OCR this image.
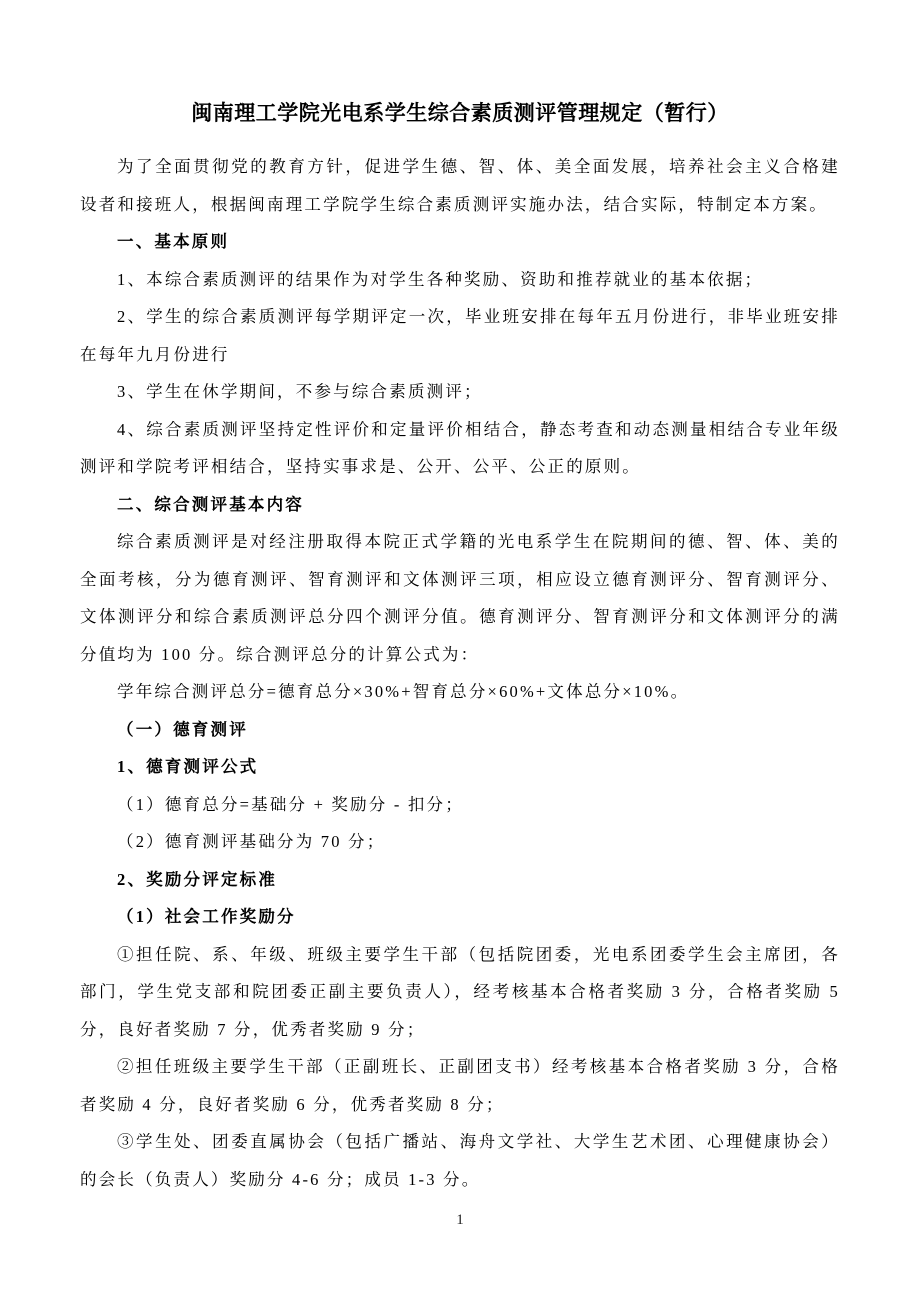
闽南理工学院光电系学生综合素质测评管理规定（暂行）
为了全面贯彻党的教育方针，促进学生德、智、体、美全面发展，培养社会主义合格建设者和接班人，根据闽南理工学院学生综合素质测评实施办法，结合实际，特制定本方案。
一、基本原则
1、本综合素质测评的结果作为对学生各种奖励、资助和推荐就业的基本依据；
2、学生的综合素质测评每学期评定一次，毕业班安排在每年五月份进行，非毕业班安排在每年九月份进行
3、学生在休学期间，不参与综合素质测评；
4、综合素质测评坚持定性评价和定量评价相结合，静态考查和动态测量相结合专业年级测评和学院考评相结合，坚持实事求是、公开、公平、公正的原则。
二、综合测评基本内容
综合素质测评是对经注册取得本院正式学籍的光电系学生在院期间的德、智、体、美的全面考核，分为德育测评、智育测评和文体测评三项，相应设立德育测评分、智育测评分、文体测评分和综合素质测评总分四个测评分值。德育测评分、智育测评分和文体测评分的满分值均为 100 分。综合测评总分的计算公式为：
学年综合测评总分=德育总分×30%+智育总分×60%+文体总分×10%。
（一）德育测评
1、德育测评公式
（1）德育总分=基础分 + 奖励分 - 扣分；
（2）德育测评基础分为 70 分；
2、奖励分评定标准
（1）社会工作奖励分
①担任院、系、年级、班级主要学生干部（包括院团委，光电系团委学生会主席团，各部门，学生党支部和院团委正副主要负责人），经考核基本合格者奖励 3 分，合格者奖励 5 分，良好者奖励 7 分，优秀者奖励 9 分；
②担任班级主要学生干部（正副班长、正副团支书）经考核基本合格者奖励 3 分，合格者奖励 4 分，良好者奖励 6 分，优秀者奖励 8 分；
③学生处、团委直属协会（包括广播站、海舟文学社、大学生艺术团、心理健康协会）的会长（负责人）奖励分 4-6 分；成员 1-3 分。
1
